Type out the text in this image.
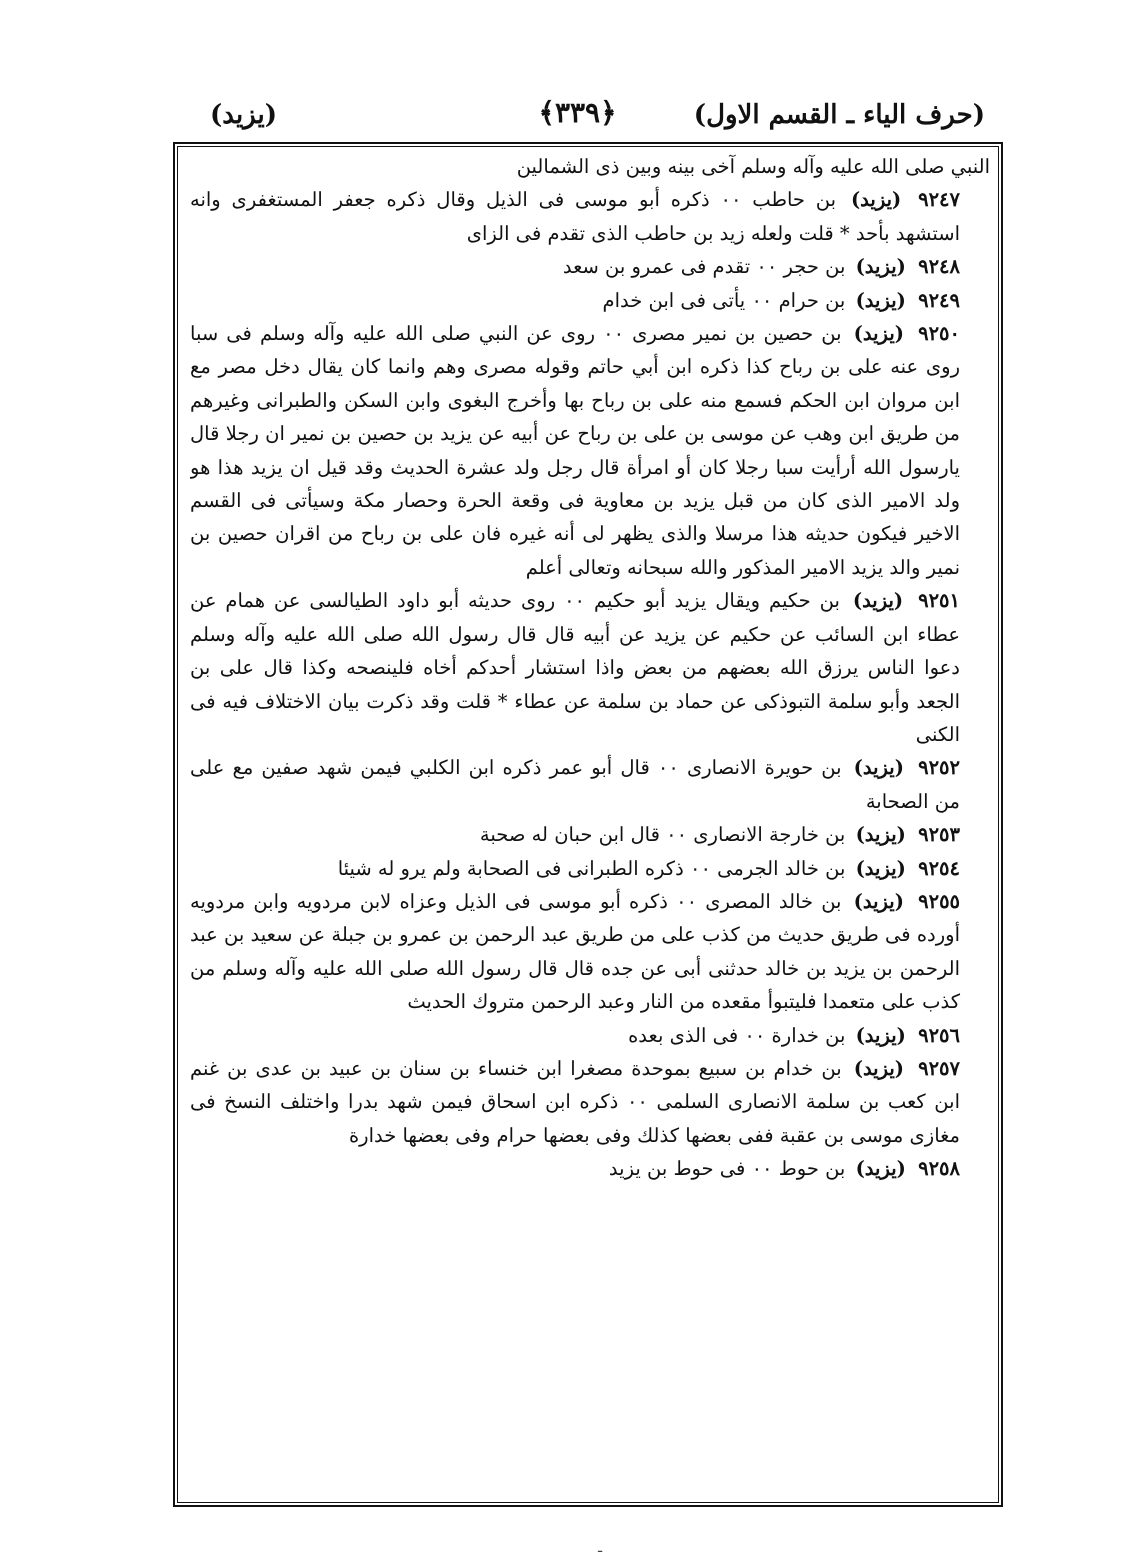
(حرف الياء ـ القسم الاول)
﴿٣٣٩﴾
(يزيد)

النبي صلى الله عليه وآله وسلم آخى بينه وبين ذى الشمالين

٩٢٤٧ (يزيد) بن حاطب ٠٠ ذكره أبو موسى فى الذيل وقال ذكره جعفر المستغفرى وانه استشهد بأحد * قلت ولعله زيد بن حاطب الذى تقدم فى الزاى

٩٢٤٨ (يزيد) بن حجر ٠٠ تقدم فى عمرو بن سعد

٩٢٤٩ (يزيد) بن حرام ٠٠ يأتى فى ابن خدام

٩٢٥٠ (يزيد) بن حصين بن نمير مصرى ٠٠ روى عن النبي صلى الله عليه وآله وسلم فى سبا روى عنه على بن رباح كذا ذكره ابن أبي حاتم وقوله مصرى وهم وانما كان يقال دخل مصر مع ابن مروان ابن الحكم فسمع منه على بن رباح بها وأخرج البغوى وابن السكن والطبرانى وغيرهم من طريق ابن وهب عن موسى بن على بن رباح عن أبيه عن يزيد بن حصين بن نمير ان رجلا قال يارسول الله أرأيت سبا رجلا كان أو امرأة قال رجل ولد عشرة الحديث وقد قيل ان يزيد هذا هو ولد الامير الذى كان من قبل يزيد بن معاوية فى وقعة الحرة وحصار مكة وسيأتى فى القسم الاخير فيكون حديثه هذا مرسلا والذى يظهر لى أنه غيره فان على بن رباح من اقران حصين بن نمير والد يزيد الامير المذكور والله سبحانه وتعالى أعلم

٩٢٥١ (يزيد) بن حكيم ويقال يزيد أبو حكيم ٠٠ روى حديثه أبو داود الطيالسى عن همام عن عطاء ابن السائب عن حكيم عن يزيد عن أبيه قال قال رسول الله صلى الله عليه وآله وسلم دعوا الناس يرزق الله بعضهم من بعض واذا استشار أحدكم أخاه فلينصحه وكذا قال على بن الجعد وأبو سلمة التبوذكى عن حماد بن سلمة عن عطاء * قلت وقد ذكرت بيان الاختلاف فيه فى الكنى

٩٢٥٢ (يزيد) بن حويرة الانصارى ٠٠ قال أبو عمر ذكره ابن الكلبي فيمن شهد صفين مع على من الصحابة

٩٢٥٣ (يزيد) بن خارجة الانصارى ٠٠ قال ابن حبان له صحبة

٩٢٥٤ (يزيد) بن خالد الجرمى ٠٠ ذكره الطبرانى فى الصحابة ولم يرو له شيئا

٩٢٥٥ (يزيد) بن خالد المصرى ٠٠ ذكره أبو موسى فى الذيل وعزاه لابن مردويه وابن مردويه أورده فى طريق حديث من كذب على من طريق عبد الرحمن بن عمرو بن جبلة عن سعيد بن عبد الرحمن بن يزيد بن خالد حدثنى أبى عن جده قال قال رسول الله صلى الله عليه وآله وسلم من كذب على متعمدا فليتبوأ مقعده من النار وعبد الرحمن متروك الحديث

٩٢٥٦ (يزيد) بن خدارة ٠٠ فى الذى بعده

٩٢٥٧ (يزيد) بن خدام بن سبيع بموحدة مصغرا ابن خنساء بن سنان بن عبيد بن عدى بن غنم ابن كعب بن سلمة الانصارى السلمى ٠٠ ذكره ابن اسحاق فيمن شهد بدرا واختلف النسخ فى مغازى موسى بن عقبة ففى بعضها كذلك وفى بعضها حرام وفى بعضها خدارة

٩٢٥٨ (يزيد) بن حوط ٠٠ فى حوط بن يزيد

ـ
